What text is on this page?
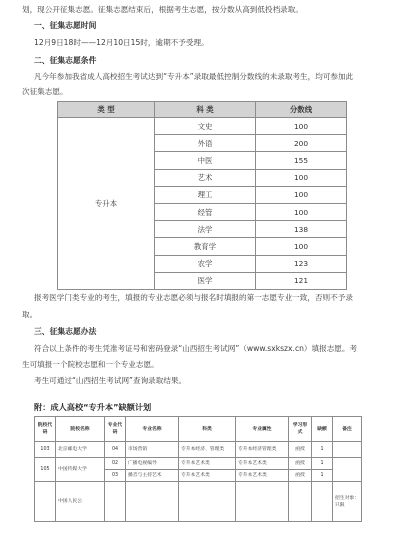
划，现公开征集志愿。征集志愿结束后，根据考生志愿，按分数从高到低投档录取。
一、征集志愿时间
12月9日18时——12月10日15时，逾期不予受理。
二、征集志愿条件
凡今年参加我省成人高校招生考试达到“专升本”录取最低控制分数线的未录取考生，均可参加此
次征集志愿。
类 型	科 类	分数线
专升本	文史	100
	外语	200
	中医	155
	艺术	100
	理工	100
	经管	100
	法学	138
	教育学	100
	农学	123
	医学	121
报考医学门类专业的考生，填报的专业志愿必须与报名时填报的第一志愿专业一致，否则不予录
取。
三、征集志愿办法
符合以上条件的考生凭准考证号和密码登录“山西招生考试网”（www.sxkszx.cn）填报志愿。考
生可填报一个院校志愿和一个专业志愿。
考生可通过“山西招生考试网”查询录取结果。
附：成人高校“专升本”缺额计划
院校代码	院校名称	专业代码	专业名称	科类	专业属性	学习形式	缺额	备注
103	北京邮电大学	04	市场营销	专升本经济、管理类	专升本经济管理类	函授	1	
105	中国传媒大学	02	广播电视编导	专升本艺术类	专升本艺术类	函授	1	
		03	播音与主持艺术	专升本艺术类	专升本艺术类	函授	1	
	中国人民公							招生对象：只限
